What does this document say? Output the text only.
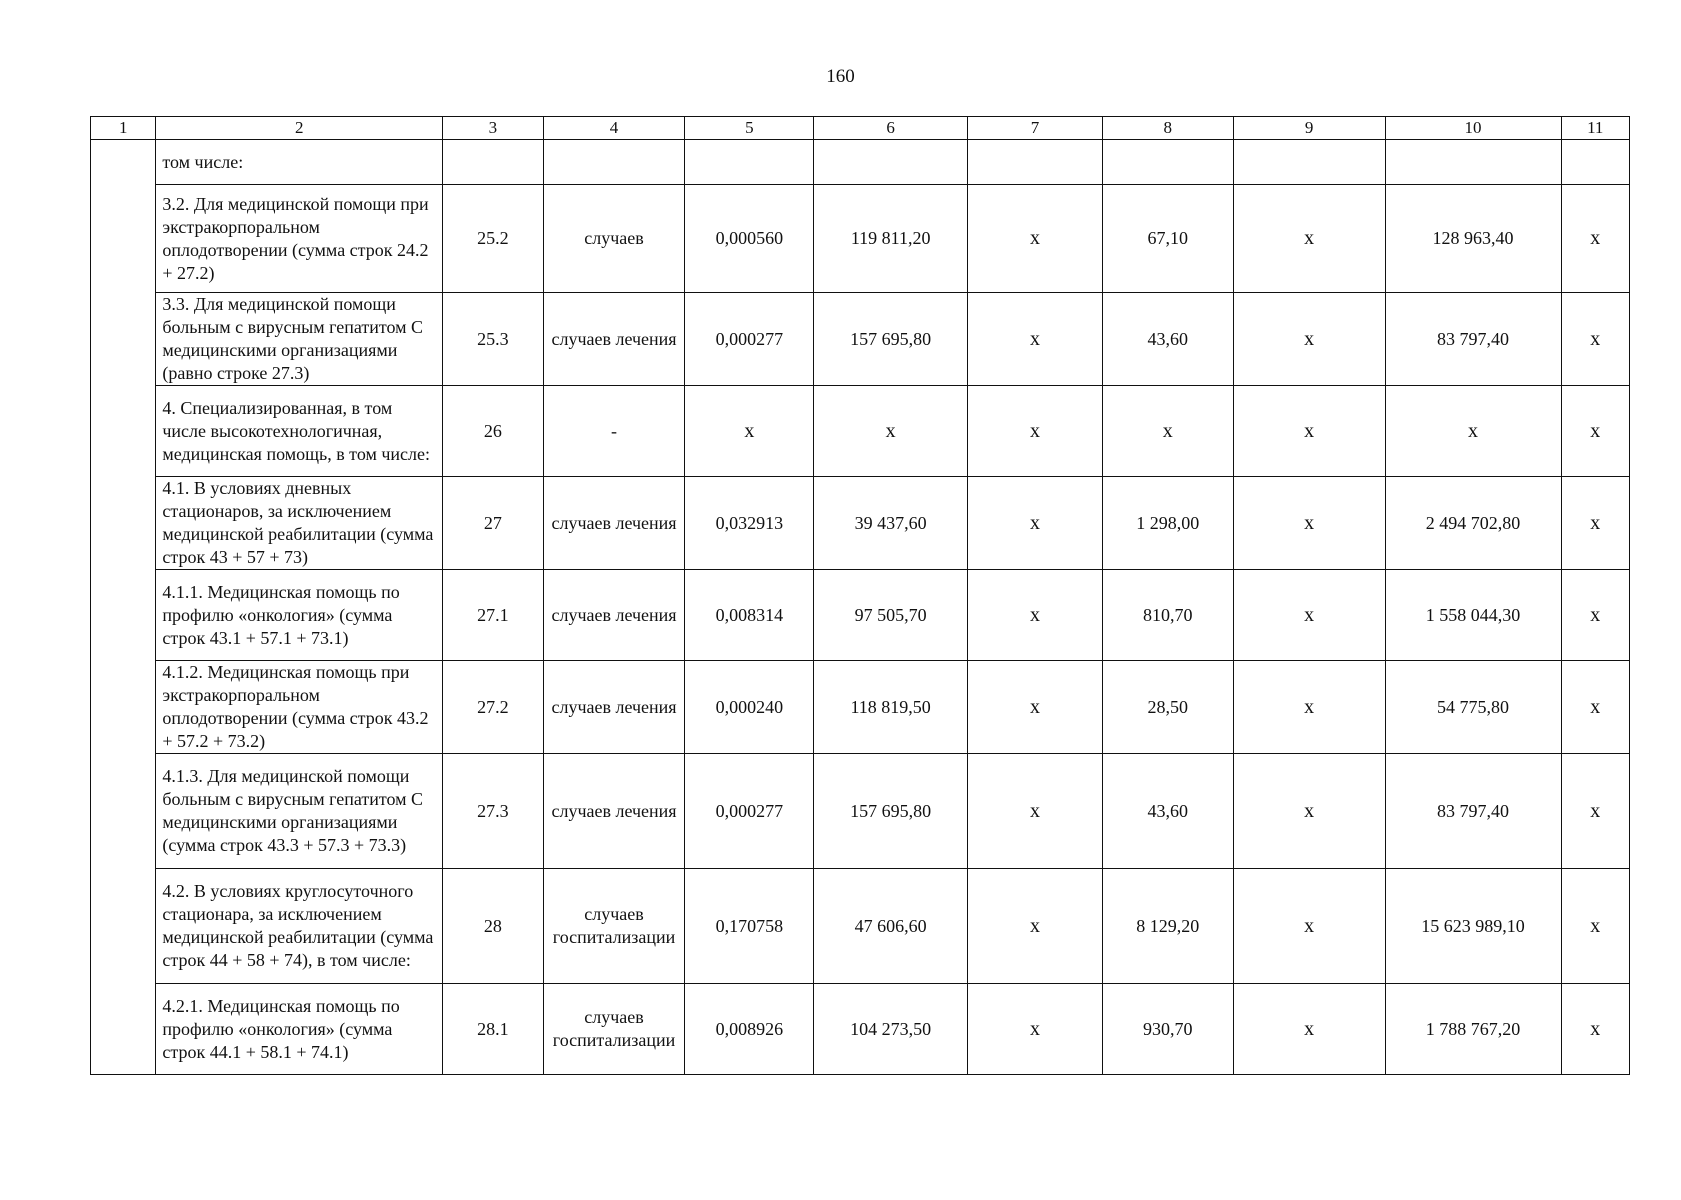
160
1	2	3	4	5	6	7	8	9	10	11
	том числе:									
	3.2. Для медицинской помощи при экстракорпоральном оплодотворении (сумма строк 24.2 + 27.2)	25.2	случаев	0,000560	119 811,20	x	67,10	x	128 963,40	x
	3.3. Для медицинской помощи больным с вирусным гепатитом С медицинскими организациями (равно строке 27.3)	25.3	случаев лечения	0,000277	157 695,80	x	43,60	x	83 797,40	x
	4. Специализированная, в том числе высокотехнологичная, медицинская помощь, в том числе:	26	-	x	x	x	x	x	x	x
	4.1. В условиях дневных стационаров, за исключением медицинской реабилитации (сумма строк 43 + 57 + 73)	27	случаев лечения	0,032913	39 437,60	x	1 298,00	x	2 494 702,80	x
	4.1.1. Медицинская помощь по профилю «онкология» (сумма строк 43.1 + 57.1 + 73.1)	27.1	случаев лечения	0,008314	97 505,70	x	810,70	x	1 558 044,30	x
	4.1.2. Медицинская помощь при экстракорпоральном оплодотворении (сумма строк 43.2 + 57.2 + 73.2)	27.2	случаев лечения	0,000240	118 819,50	x	28,50	x	54 775,80	x
	4.1.3. Для медицинской помощи больным с вирусным гепатитом С медицинскими организациями (сумма строк 43.3 + 57.3 + 73.3)	27.3	случаев лечения	0,000277	157 695,80	x	43,60	x	83 797,40	x
	4.2. В условиях круглосуточного стационара, за исключением медицинской реабилитации (сумма строк 44 + 58 + 74), в том числе:	28	случаев госпитализации	0,170758	47 606,60	x	8 129,20	x	15 623 989,10	x
	4.2.1. Медицинская помощь по профилю «онкология» (сумма строк 44.1 + 58.1 + 74.1)	28.1	случаев госпитализации	0,008926	104 273,50	x	930,70	x	1 788 767,20	x
